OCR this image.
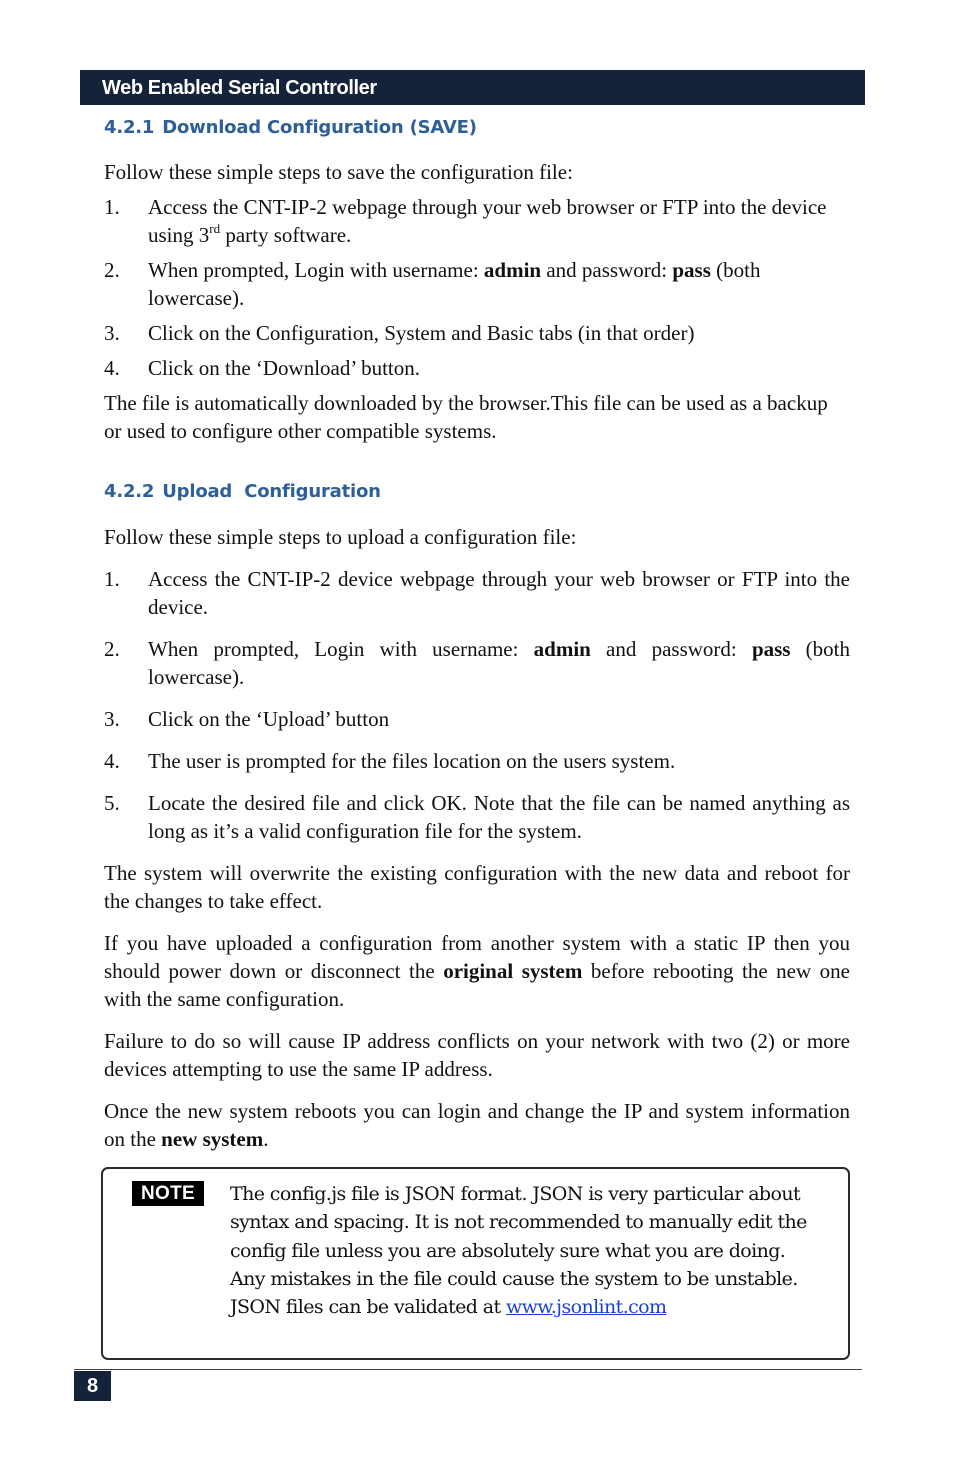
Web Enabled Serial Controller
4.2.1 Download Configuration (SAVE)
Follow these simple steps to save the configuration file:
1. Access the CNT-IP-2 webpage through your web browser or FTP into the device using 3rd party software.
2. When prompted, Login with username: admin and password: pass (both lowercase).
3. Click on the Configuration, System and Basic tabs (in that order)
4. Click on the ‘Download’ button.
The file is automatically downloaded by the browser.This file can be used as a backup or used to configure other compatible systems.
4.2.2 Upload  Configuration
Follow these simple steps to upload a configuration file:
1. Access the CNT-IP-2 device webpage through your web browser or FTP into the device.
2. When prompted, Login with username: admin and password: pass (both lowercase).
3. Click on the ‘Upload’ button
4. The user is prompted for the files location on the users system.
5. Locate the desired file and click OK. Note that the file can be named anything as long as it’s a valid configuration file for the system.
The system will overwrite the existing configuration with the new data and reboot for the changes to take effect.
If you have uploaded a configuration from another system with a static IP then you should power down or disconnect the original system before rebooting the new one with the same configuration.
Failure to do so will cause IP address conflicts on your network with two (2) or more devices attempting to use the same IP address.
Once the new system reboots you can login and change the IP and system information on the new system.
NOTE	The config.js file is JSON format. JSON is very particular about syntax and spacing. It is not recommended to manually edit the config file unless you are absolutely sure what you are doing. Any mistakes in the file could cause the system to be unstable. JSON files can be validated at www.jsonlint.com
8
